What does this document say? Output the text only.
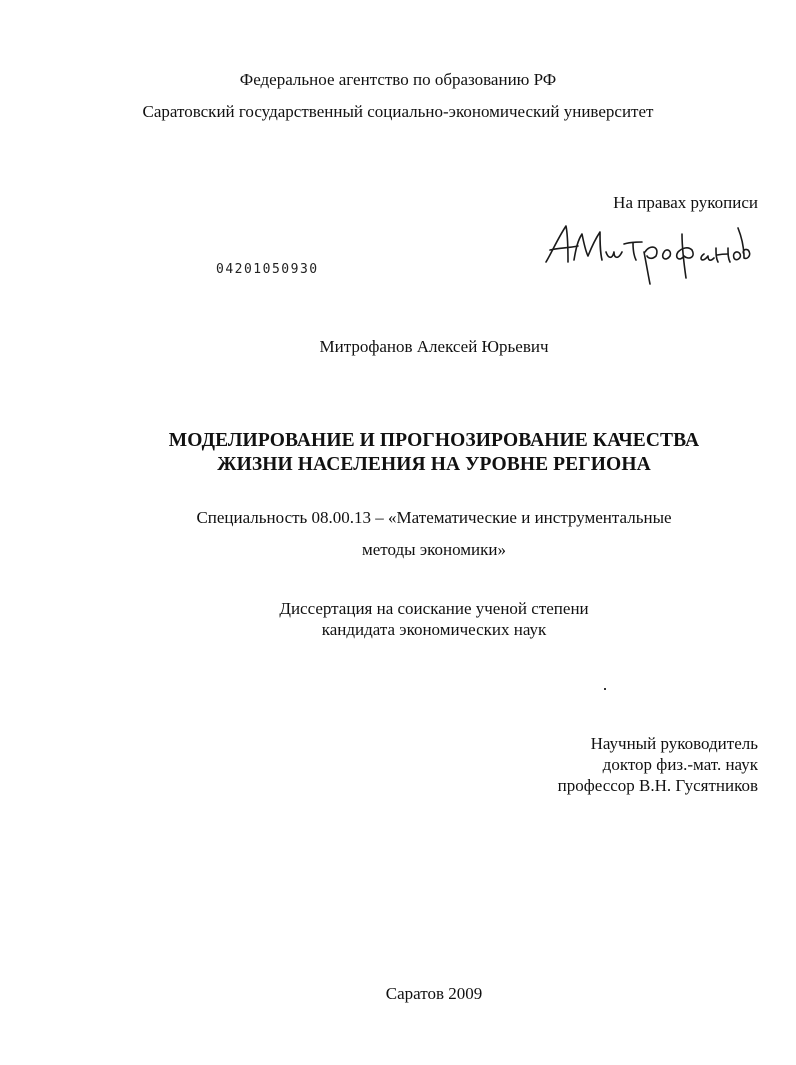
Федеральное агентство по образованию РФ
Саратовский государственный социально-экономический университет
На правах рукописи
04201050930
Митрофанов Алексей Юрьевич
МОДЕЛИРОВАНИЕ И ПРОГНОЗИРОВАНИЕ КАЧЕСТВА
ЖИЗНИ НАСЕЛЕНИЯ НА УРОВНЕ РЕГИОНА
Специальность 08.00.13 – «Математические и инструментальные
методы экономики»
Диссертация на соискание ученой степени
кандидата экономических наук
Научный руководитель
доктор физ.-мат. наук
профессор В.Н. Гусятников
Саратов 2009
